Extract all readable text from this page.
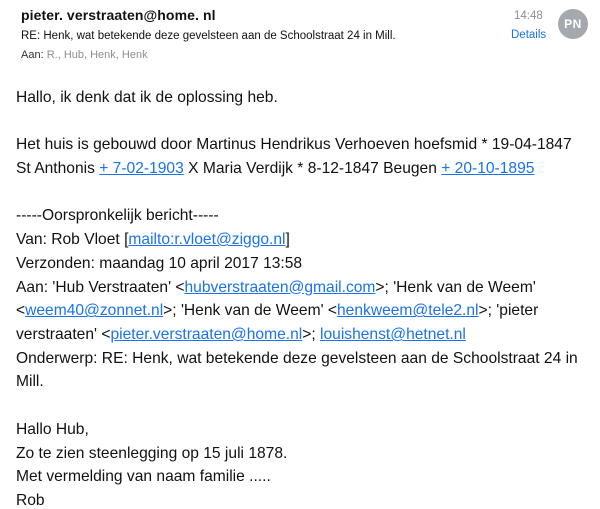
pieter. verstraaten@home. nl
RE: Henk, wat betekende deze gevelsteen aan de Schoolstraat 24 in Mill.
Aan: R., Hub, Henk, Henk
14:48
Details
PN
Hallo, ik denk dat ik de oplossing heb.
Het huis is gebouwd door Martinus Hendrikus Verhoeven hoefsmid * 19-04-1847
St Anthonis + 7-02-1903 X Maria Verdijk * 8-12-1847 Beugen + 20-10-1895
-----Oorspronkelijk bericht-----
Van: Rob Vloet [mailto:r.vloet@ziggo.nl]
Verzonden: maandag 10 april 2017 13:58
Aan: 'Hub Verstraaten' <hubverstraaten@gmail.com>; 'Henk van de Weem'
<weem40@zonnet.nl>; 'Henk van de Weem' <henkweem@tele2.nl>; 'pieter
verstraaten' <pieter.verstraaten@home.nl>; louishenst@hetnet.nl
Onderwerp: RE: Henk, wat betekende deze gevelsteen aan de Schoolstraat 24 in
Mill.
Hallo Hub,
Zo te zien steenlegging op 15 juli 1878.
Met vermelding van naam familie .....
Rob
